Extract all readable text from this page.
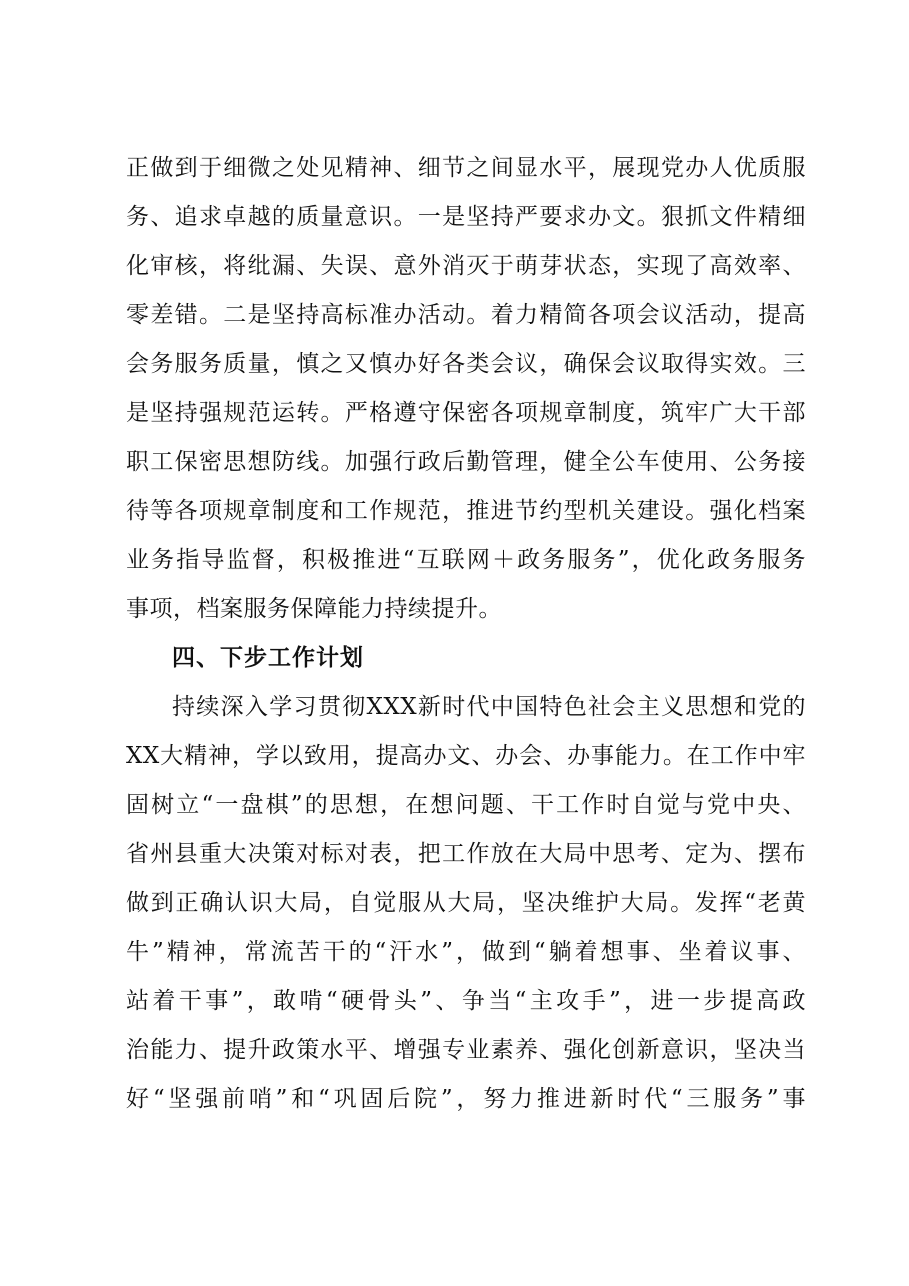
正做到于细微之处见精神、细节之间显水平，展现党办人优质服
务、追求卓越的质量意识。一是坚持严要求办文。狠抓文件精细
化审核，将纰漏、失误、意外消灭于萌芽状态，实现了高效率、
零差错。二是坚持高标准办活动。着力精简各项会议活动，提高
会务服务质量，慎之又慎办好各类会议，确保会议取得实效。三
是坚持强规范运转。严格遵守保密各项规章制度，筑牢广大干部
职工保密思想防线。加强行政后勤管理，健全公车使用、公务接
待等各项规章制度和工作规范，推进节约型机关建设。强化档案
业务指导监督，积极推进“互联网＋政务服务”，优化政务服务
事项，档案服务保障能力持续提升。
四、下步工作计划
持续深入学习贯彻XXX新时代中国特色社会主义思想和党的
XX大精神，学以致用，提高办文、办会、办事能力。在工作中牢
固树立“一盘棋”的思想，在想问题、干工作时自觉与党中央、
省州县重大决策对标对表，把工作放在大局中思考、定为、摆布
做到正确认识大局，自觉服从大局，坚决维护大局。发挥“老黄
牛”精神，常流苦干的“汗水”，做到“躺着想事、坐着议事、
站着干事”，敢啃“硬骨头”、争当“主攻手”，进一步提高政
治能力、提升政策水平、增强专业素养、强化创新意识，坚决当
好“坚强前哨”和“巩固后院”，努力推进新时代“三服务”事
